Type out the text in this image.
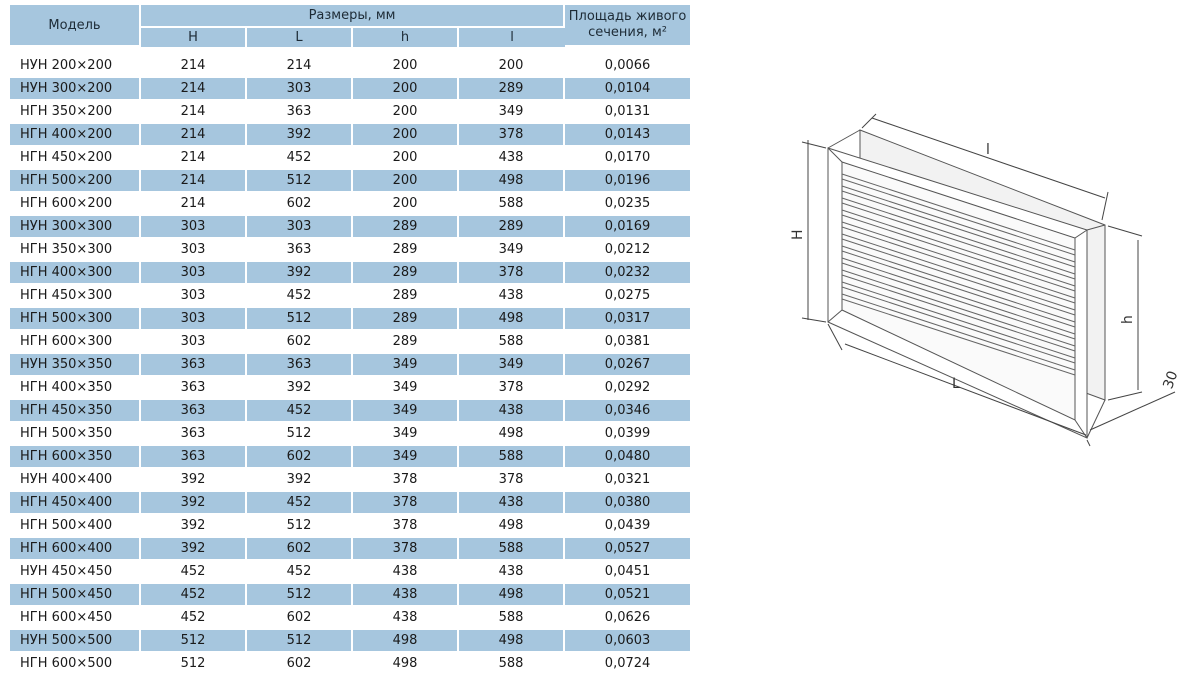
Модель	Размеры, мм				Площадь живого
сечения, м²
	H	L	h	l	
НУН 200×200	214	214	200	200	0,0066
НУН 300×200	214	303	200	289	0,0104
НГН 350×200	214	363	200	349	0,0131
НГН 400×200	214	392	200	378	0,0143
НГН 450×200	214	452	200	438	0,0170
НГН 500×200	214	512	200	498	0,0196
НГН 600×200	214	602	200	588	0,0235
НУН 300×300	303	303	289	289	0,0169
НГН 350×300	303	363	289	349	0,0212
НГН 400×300	303	392	289	378	0,0232
НГН 450×300	303	452	289	438	0,0275
НГН 500×300	303	512	289	498	0,0317
НГН 600×300	303	602	289	588	0,0381
НУН 350×350	363	363	349	349	0,0267
НГН 400×350	363	392	349	378	0,0292
НГН 450×350	363	452	349	438	0,0346
НГН 500×350	363	512	349	498	0,0399
НГН 600×350	363	602	349	588	0,0480
НУН 400×400	392	392	378	378	0,0321
НГН 450×400	392	452	378	438	0,0380
НГН 500×400	392	512	378	498	0,0439
НГН 600×400	392	602	378	588	0,0527
НУН 450×450	452	452	438	438	0,0451
НГН 500×450	452	512	438	498	0,0521
НГН 600×450	452	602	438	588	0,0626
НУН 500×500	512	512	498	498	0,0603
НГН 600×500	512	602	498	588	0,0724
H
l
h
L	30
